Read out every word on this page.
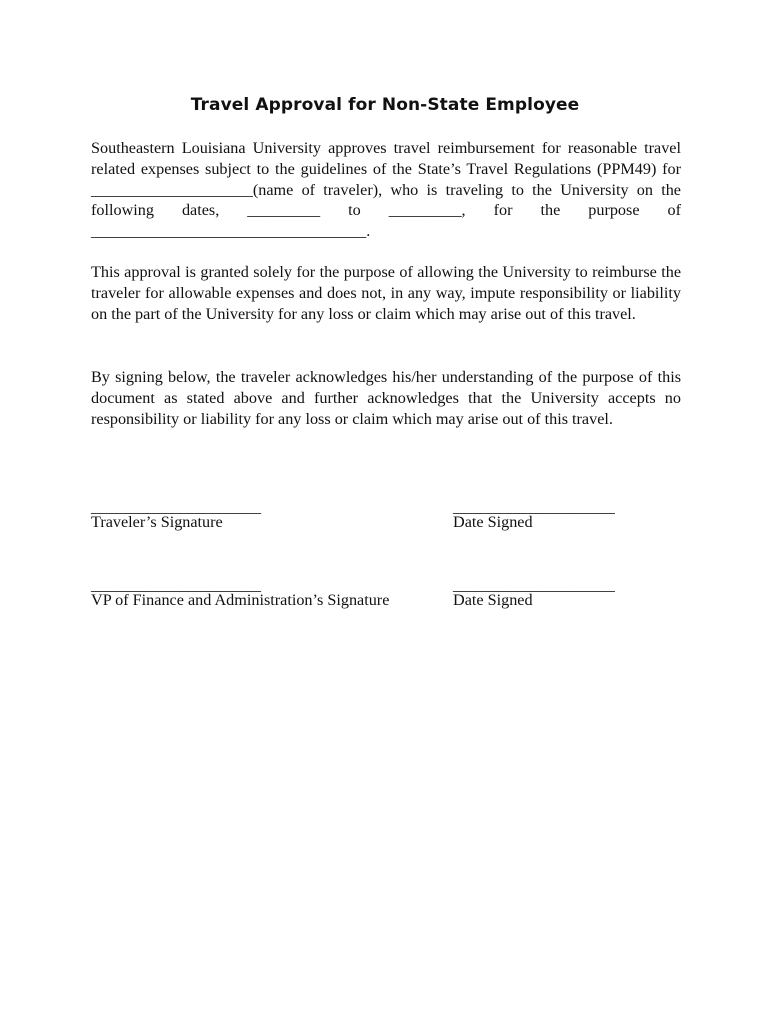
Travel Approval for Non-State Employee

Southeastern Louisiana University approves travel reimbursement for reasonable travel related expenses subject to the guidelines of the State’s Travel Regulations (PPM49) for ____________________(name of traveler), who is traveling to the University on the following dates, _________ to _________, for the purpose of __________________________________.

This approval is granted solely for the purpose of allowing the University to reimburse the traveler for allowable expenses and does not, in any way, impute responsibility or liability on the part of the University for any loss or claim which may arise out of this travel.

By signing below, the traveler acknowledges his/her understanding of the purpose of this document as stated above and further acknowledges that the University accepts no responsibility or liability for any loss or claim which may arise out of this travel.

_____________________
Traveler’s Signature
____________________
Date Signed
_____________________
VP of Finance and Administration’s Signature
____________________
Date Signed
